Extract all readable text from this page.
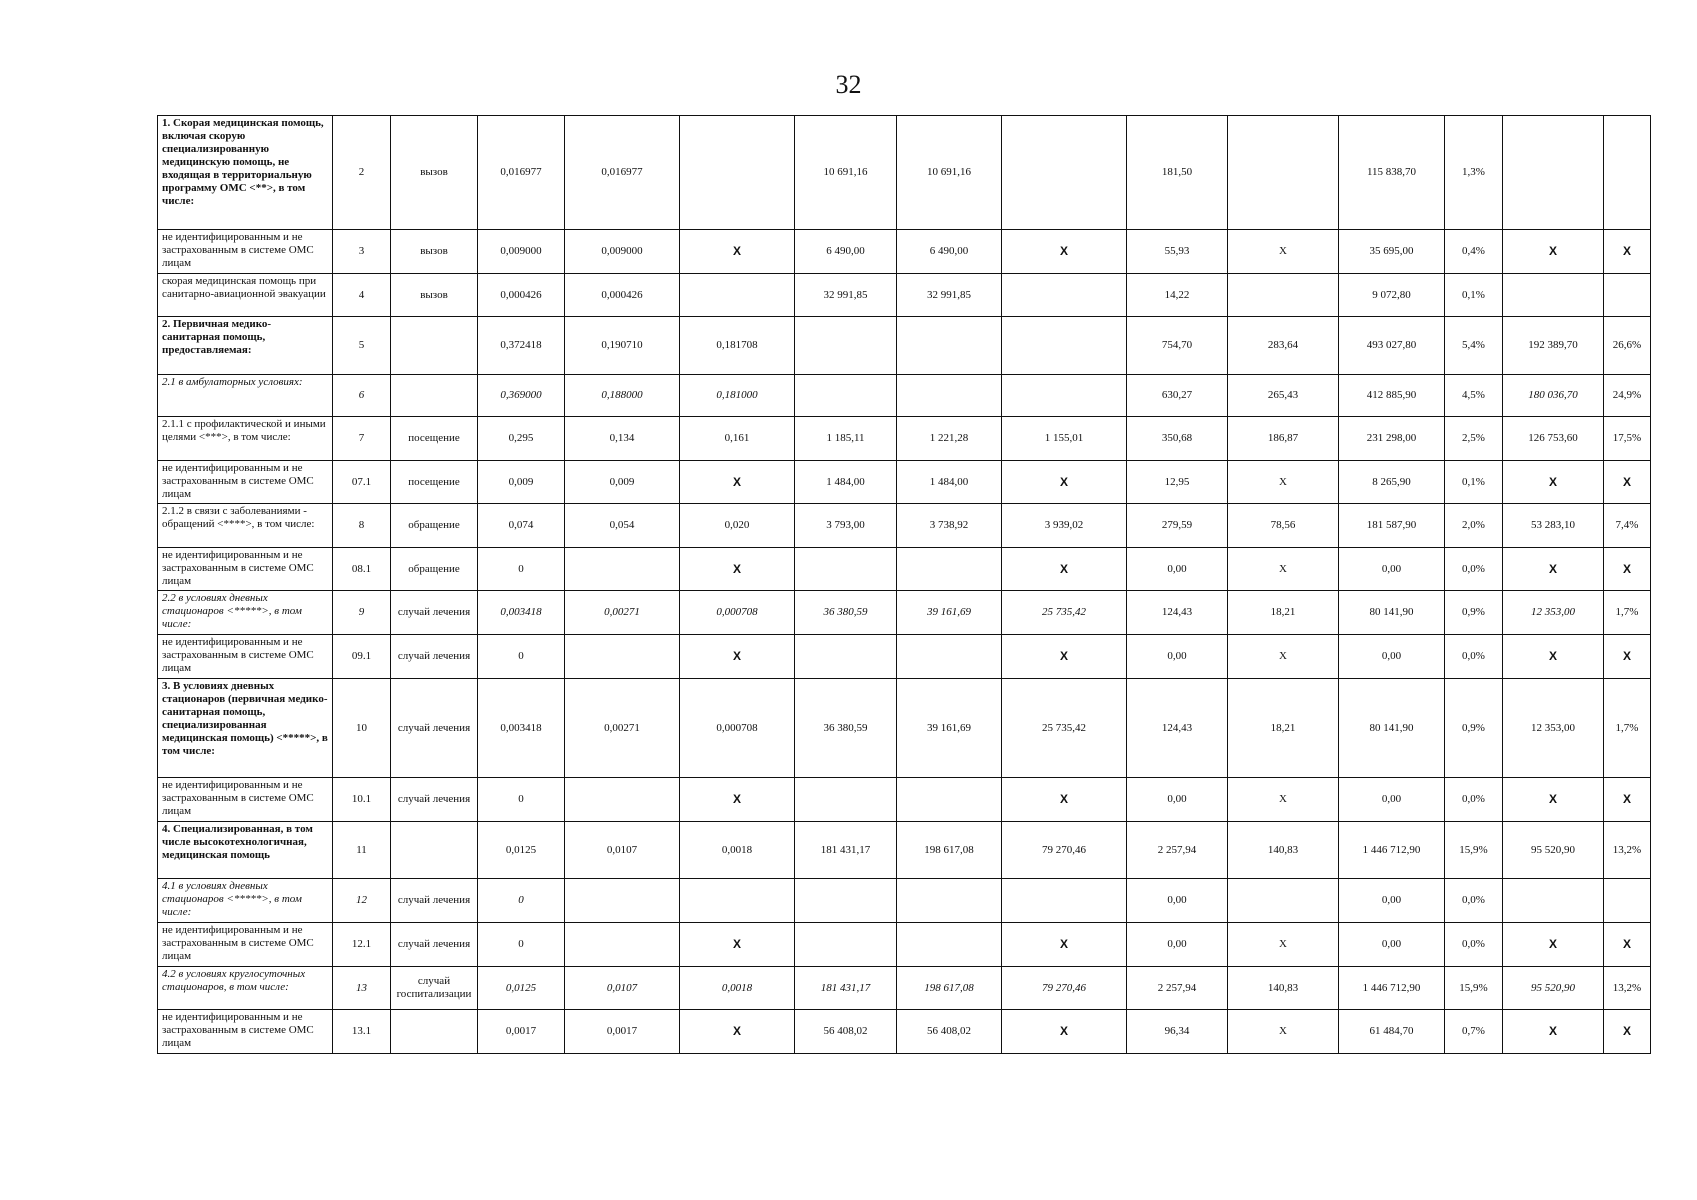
32
1. Скорая медицинская помощь, включая скорую специализированную медицинскую помощь, не входящая в территориальную программу ОМС <**>, в том числе:	2	вызов	0,016977	0,016977		10 691,16	10 691,16		181,50		115 838,70	1,3%		
не идентифицированным и не застрахованным в системе ОМС лицам	3	вызов	0,009000	0,009000	X	6 490,00	6 490,00	X	55,93	X	35 695,00	0,4%	X	X
скорая медицинская помощь при санитарно-авиационной эвакуации	4	вызов	0,000426	0,000426		32 991,85	32 991,85		14,22		9 072,80	0,1%		
2. Первичная медико-санитарная помощь, предоставляемая:	5		0,372418	0,190710	0,181708				754,70	283,64	493 027,80	5,4%	192 389,70	26,6%
2.1 в амбулаторных условиях:	6		0,369000	0,188000	0,181000				630,27	265,43	412 885,90	4,5%	180 036,70	24,9%
2.1.1 с профилактической и иными целями <***>, в том числе:	7	посещение	0,295	0,134	0,161	1 185,11	1 221,28	1 155,01	350,68	186,87	231 298,00	2,5%	126 753,60	17,5%
не идентифицированным и не застрахованным в системе ОМС лицам	07.1	посещение	0,009	0,009	X	1 484,00	1 484,00	X	12,95	X	8 265,90	0,1%	X	X
2.1.2 в связи с заболеваниями - обращений <****>, в том числе:	8	обращение	0,074	0,054	0,020	3 793,00	3 738,92	3 939,02	279,59	78,56	181 587,90	2,0%	53 283,10	7,4%
не идентифицированным и не застрахованным в системе ОМС лицам	08.1	обращение	0		X			X	0,00	X	0,00	0,0%	X	X
2.2 в условиях дневных стационаров <*****>, в том числе:	9	случай лечения	0,003418	0,00271	0,000708	36 380,59	39 161,69	25 735,42	124,43	18,21	80 141,90	0,9%	12 353,00	1,7%
не идентифицированным и не застрахованным в системе ОМС лицам	09.1	случай лечения	0		X			X	0,00	X	0,00	0,0%	X	X
3. В условиях дневных стационаров (первичная медико-санитарная помощь, специализированная медицинская помощь) <*****>, в том числе:	10	случай лечения	0,003418	0,00271	0,000708	36 380,59	39 161,69	25 735,42	124,43	18,21	80 141,90	0,9%	12 353,00	1,7%
не идентифицированным и не застрахованным в системе ОМС лицам	10.1	случай лечения	0		X			X	0,00	X	0,00	0,0%	X	X
4. Специализированная, в том числе высокотехнологичная, медицинская помощь	11		0,0125	0,0107	0,0018	181 431,17	198 617,08	79 270,46	2 257,94	140,83	1 446 712,90	15,9%	95 520,90	13,2%
4.1 в условиях дневных стационаров <*****>, в том числе:	12	случай лечения	0						0,00		0,00	0,0%		
не идентифицированным и не застрахованным в системе ОМС лицам	12.1	случай лечения	0		X			X	0,00	X	0,00	0,0%	X	X
4.2 в условиях круглосуточных стационаров, в том числе:	13	случай госпитализации	0,0125	0,0107	0,0018	181 431,17	198 617,08	79 270,46	2 257,94	140,83	1 446 712,90	15,9%	95 520,90	13,2%
не идентифицированным и не застрахованным в системе ОМС лицам	13.1		0,0017	0,0017	X	56 408,02	56 408,02	X	96,34	X	61 484,70	0,7%	X	X
